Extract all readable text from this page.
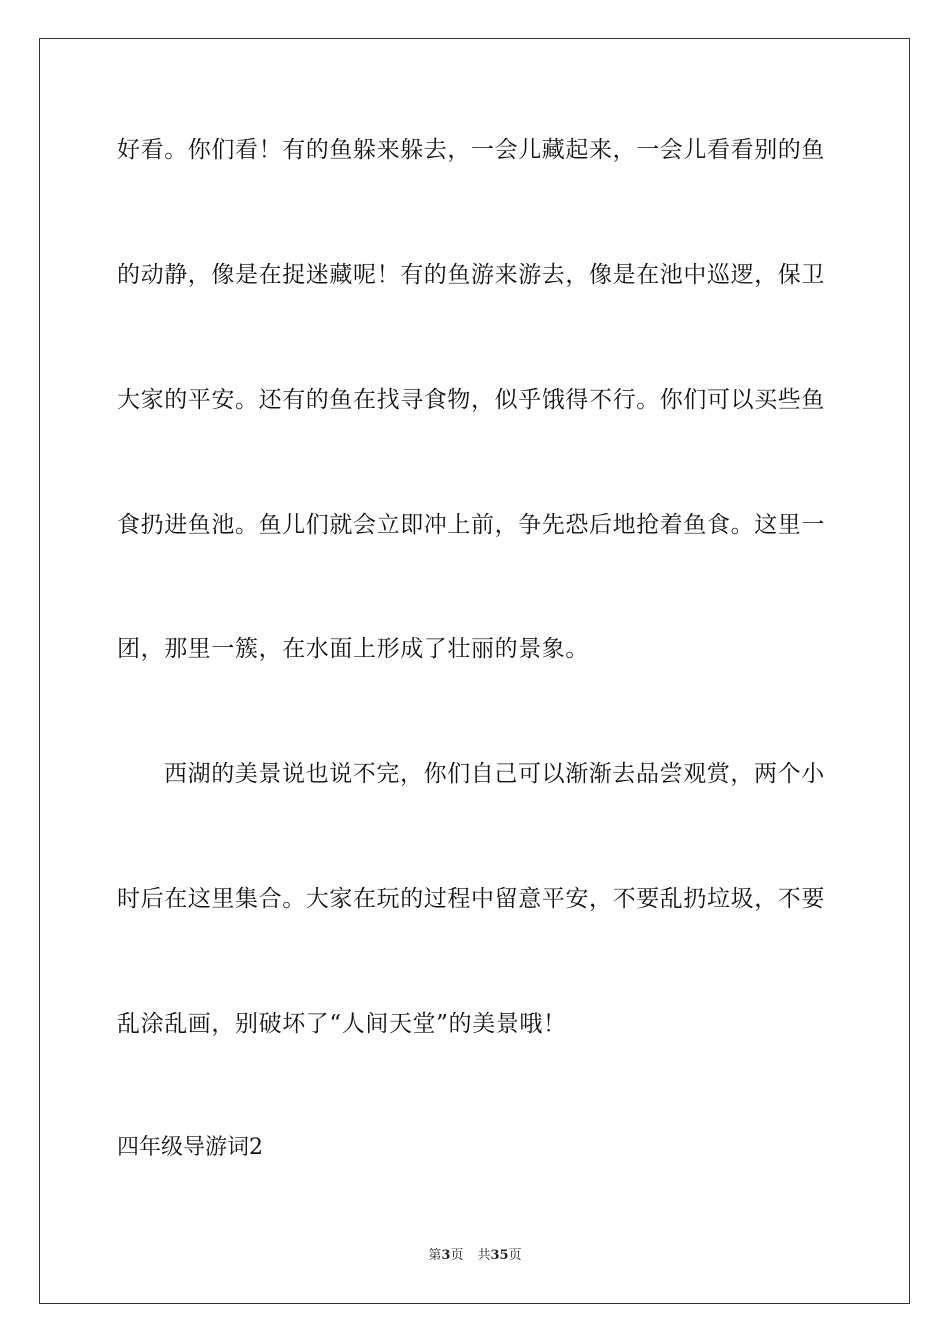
好看。你们看！有的鱼躲来躲去，一会儿藏起来，一会儿看看别的鱼
的动静，像是在捉迷藏呢！有的鱼游来游去，像是在池中巡逻，保卫
大家的平安。还有的鱼在找寻食物，似乎饿得不行。你们可以买些鱼
食扔进鱼池。鱼儿们就会立即冲上前，争先恐后地抢着鱼食。这里一
团，那里一簇，在水面上形成了壮丽的景象。
西湖的美景说也说不完，你们自己可以渐渐去品尝观赏，两个小
时后在这里集合。大家在玩的过程中留意平安，不要乱扔垃圾，不要
乱涂乱画，别破坏了“人间天堂”的美景哦！
四年级导游词2
第3页 共35页
